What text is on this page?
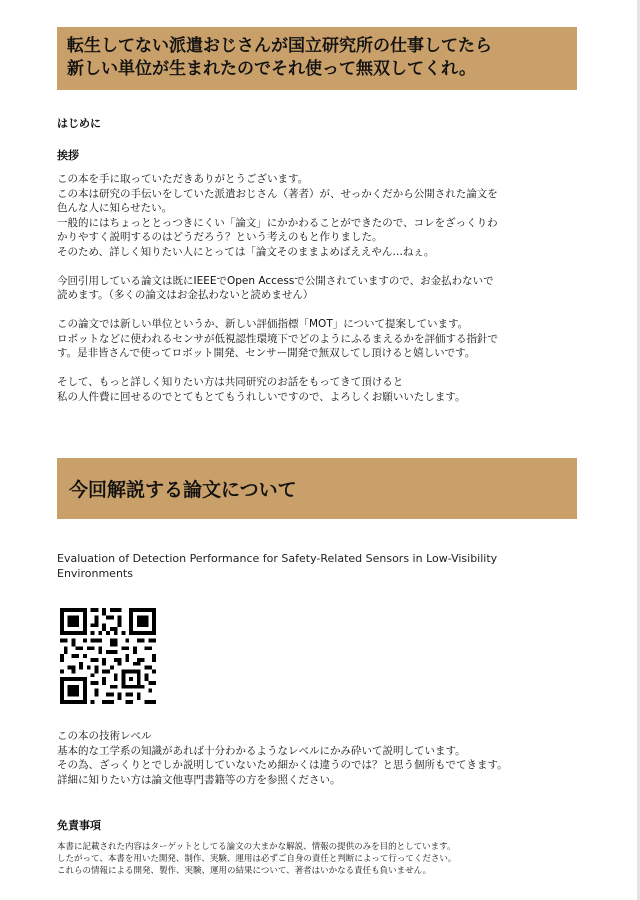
転生してない派遣おじさんが国立研究所の仕事してたら
新しい単位が生まれたのでそれ使って無双してくれ。
はじめに
挨拶
この本を手に取っていただきありがとうございます。
この本は研究の手伝いをしていた派遣おじさん（著者）が、せっかくだから公開された論文を
色んな人に知らせたい。
一般的にはちょっととっつきにくい「論文」にかかわることができたので、コレをざっくりわ
かりやすく説明するのはどうだろう？という考えのもと作りました。
そのため、詳しく知りたい人にとっては「論文そのままよめばええやん…ねぇ。
今回引用している論文は既にIEEEでOpen Accessで公開されていますので、お金払わないで
読めます。（多くの論文はお金払わないと読めません）
この論文では新しい単位というか、新しい評価指標「MOT」について提案しています。
ロボットなどに使われるセンサが低視認性環境下でどのようにふるまえるかを評価する指針で
す。是非皆さんで使ってロボット開発、センサー開発で無双してし頂けると嬉しいです。
そして、もっと詳しく知りたい方は共同研究のお話をもってきて頂けると
私の人件費に回せるのでとてもとてもうれしいですので、よろしくお願いいたします。
今回解説する論文について
Evaluation of Detection Performance for Safety-Related Sensors in Low-Visibility
Environments
この本の技術レベル
基本的な工学系の知識があれば十分わかるようなレベルにかみ砕いて説明しています。
その為、ざっくりとでしか説明していないため細かくは違うのでは？と思う個所もでてきます。
詳細に知りたい方は論文他専門書籍等の方を参照ください。
免責事項
本書に記載された内容はターゲットとしてる論文の大まかな解説、情報の提供のみを目的としています。
したがって、本書を用いた開発、制作、実験、運用は必ずご自身の責任と判断によって行ってください。
これらの情報による開発、製作、実験、運用の結果について、著者はいかなる責任も負いません。
